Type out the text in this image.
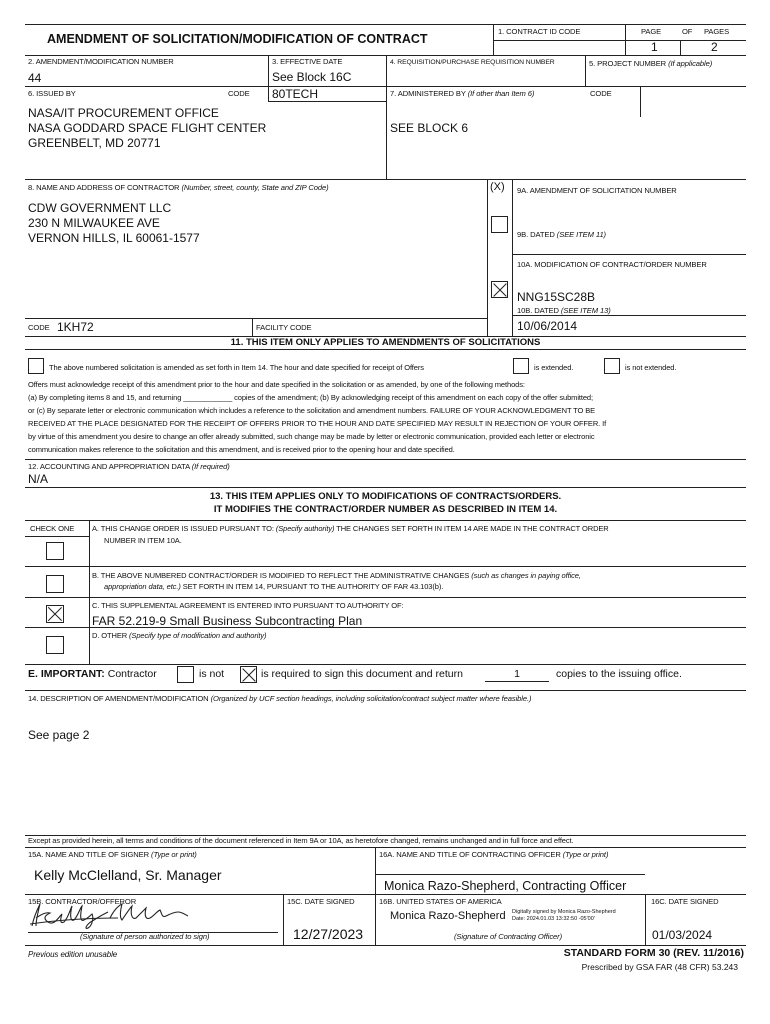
AMENDMENT OF SOLICITATION/MODIFICATION OF CONTRACT
1. CONTRACT ID CODE	PAGE	OF PAGES
1	2
2. AMENDMENT/MODIFICATION NUMBER
44
3. EFFECTIVE DATE
See Block 16C
4. REQUISITION/PURCHASE REQUISITION NUMBER	5. PROJECT NUMBER (If applicable)
6. ISSUED BY	CODE 80TECH	7. ADMINISTERED BY (If other than Item 6)	CODE
NASA/IT PROCUREMENT OFFICE
NASA GODDARD SPACE FLIGHT CENTER
GREENBELT, MD 20771
SEE BLOCK 6
8. NAME AND ADDRESS OF CONTRACTOR (Number, street, county, State and ZIP Code)
CDW GOVERNMENT LLC
230 N MILWAUKEE AVE
VERNON HILLS, IL 60061-1577
(X) 9A. AMENDMENT OF SOLICITATION NUMBER
9B. DATED (SEE ITEM 11)
10A. MODIFICATION OF CONTRACT/ORDER NUMBER
NNG15SC28B
10B. DATED (SEE ITEM 13)
10/06/2014
CODE 1KH72	FACILITY CODE
11. THIS ITEM ONLY APPLIES TO AMENDMENTS OF SOLICITATIONS
The above numbered solicitation is amended as set forth in Item 14. The hour and date specified for receipt of Offers	is extended.	is not extended.
Offers must acknowledge receipt of this amendment prior to the hour and date specified in the solicitation or as amended, by one of the following methods:
(a) By completing items 8 and 15, and returning ____________ copies of the amendment; (b) By acknowledging receipt of this amendment on each copy of the offer submitted;
or (c) By separate letter or electronic communication which includes a reference to the solicitation and amendment numbers. FAILURE OF YOUR ACKNOWLEDGMENT TO BE
RECEIVED AT THE PLACE DESIGNATED FOR THE RECEIPT OF OFFERS PRIOR TO THE HOUR AND DATE SPECIFIED MAY RESULT IN REJECTION OF YOUR OFFER. If
by virtue of this amendment you desire to change an offer already submitted, such change may be made by letter or electronic communication, provided each letter or electronic
communication makes reference to the solicitation and this amendment, and is received prior to the opening hour and date specified.
12. ACCOUNTING AND APPROPRIATION DATA (If required)
N/A
13. THIS ITEM APPLIES ONLY TO MODIFICATIONS OF CONTRACTS/ORDERS.
IT MODIFIES THE CONTRACT/ORDER NUMBER AS DESCRIBED IN ITEM 14.
CHECK ONE A. THIS CHANGE ORDER IS ISSUED PURSUANT TO: (Specify authority) THE CHANGES SET FORTH IN ITEM 14 ARE MADE IN THE CONTRACT ORDER
NUMBER IN ITEM 10A.
B. THE ABOVE NUMBERED CONTRACT/ORDER IS MODIFIED TO REFLECT THE ADMINISTRATIVE CHANGES (such as changes in paying office,
appropriation data, etc.) SET FORTH IN ITEM 14, PURSUANT TO THE AUTHORITY OF FAR 43.103(b).
C. THIS SUPPLEMENTAL AGREEMENT IS ENTERED INTO PURSUANT TO AUTHORITY OF:
FAR 52.219-9 Small Business Subcontracting Plan
D. OTHER (Specify type of modification and authority)
E. IMPORTANT: Contractor	is not	is required to sign this document and return	1	copies to the issuing office.
14. DESCRIPTION OF AMENDMENT/MODIFICATION (Organized by UCF section headings, including solicitation/contract subject matter where feasible.)
See page 2
Except as provided herein, all terms and conditions of the document referenced in Item 9A or 10A, as heretofore changed, remains unchanged and in full force and effect.
15A. NAME AND TITLE OF SIGNER (Type or print)
Kelly McClelland, Sr. Manager
16A. NAME AND TITLE OF CONTRACTING OFFICER (Type or print)
Monica Razo-Shepherd, Contracting Officer
15B. CONTRACTOR/OFFEROR
(Signature of person authorized to sign)
15C. DATE SIGNED
12/27/2023
16B. UNITED STATES OF AMERICA
Monica Razo-Shepherd Digitally signed by Monica Razo-Shepherd
Date: 2024.01.03 13:32:50 -05'00'
(Signature of Contracting Officer)
16C. DATE SIGNED
01/03/2024
Previous edition unusable	STANDARD FORM 30 (REV. 11/2016)
Prescribed by GSA FAR (48 CFR) 53.243
